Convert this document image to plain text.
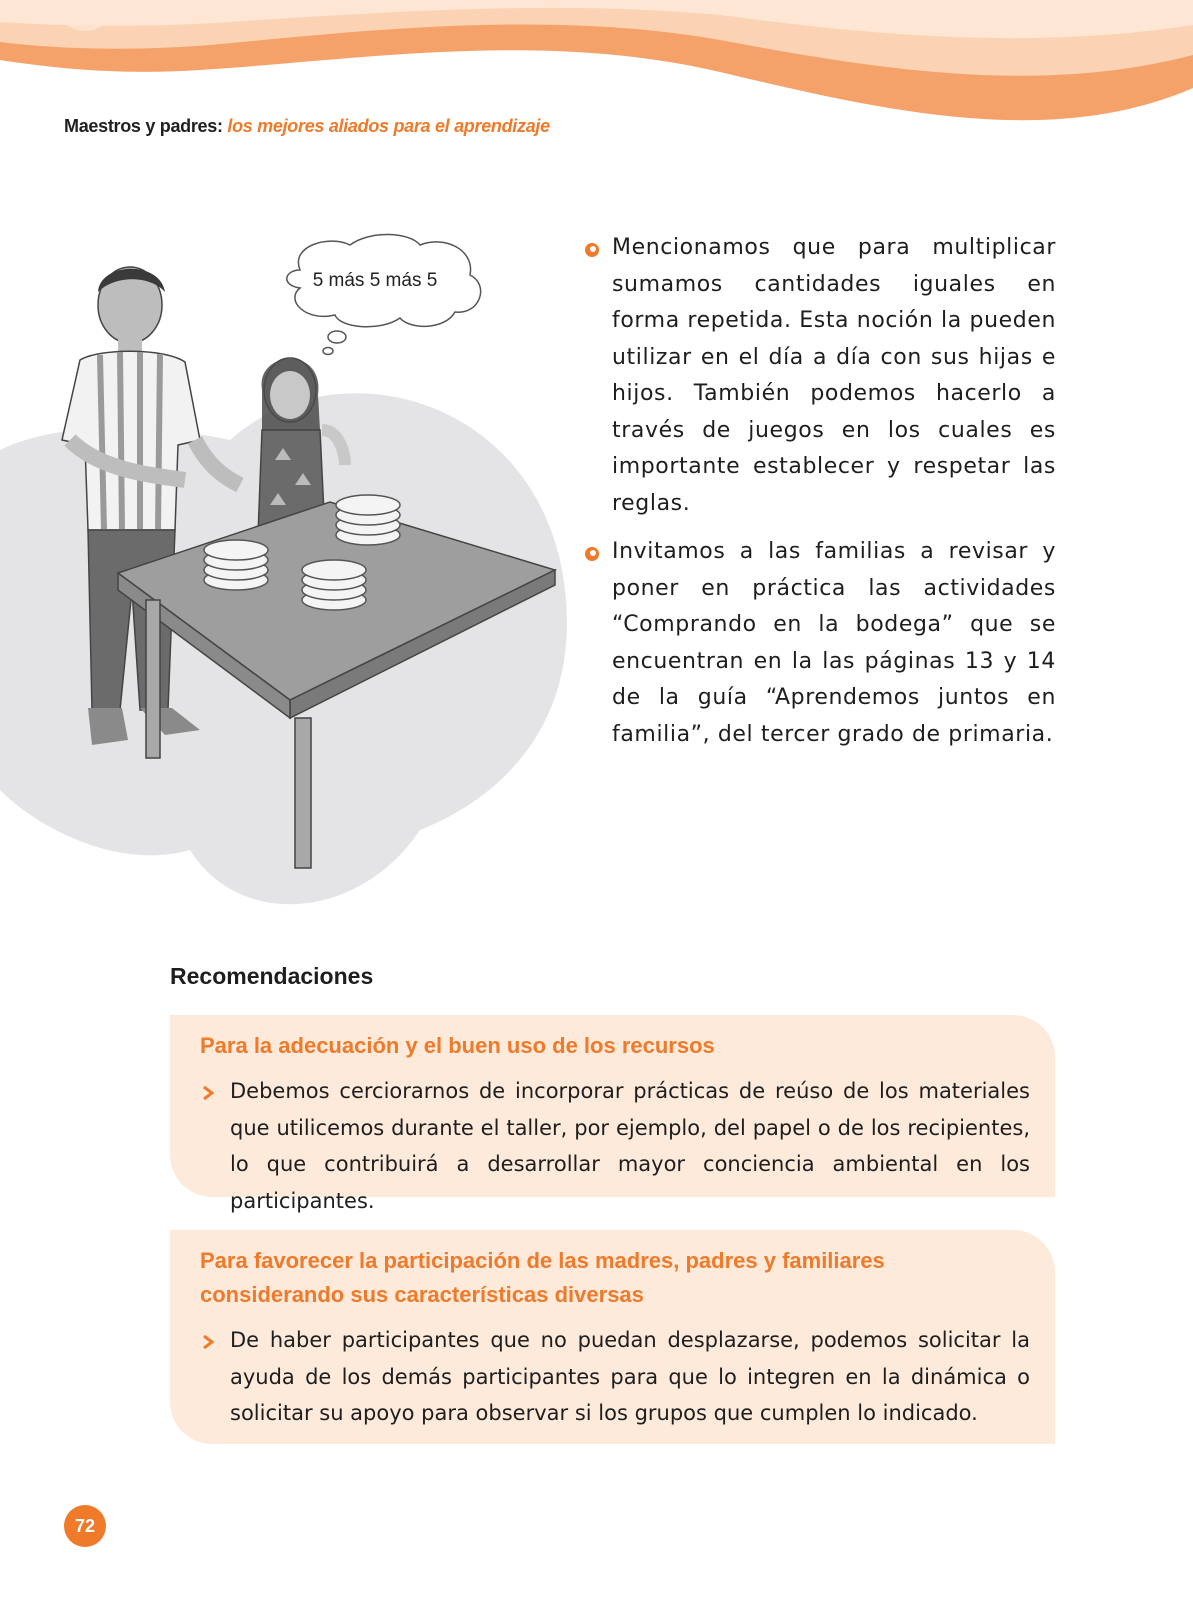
Maestros y padres: los mejores aliados para el aprendizaje
5 más 5 más 5
Mencionamos que para multiplicar sumamos cantidades iguales en forma repetida. Esta noción la pueden utilizar en el día a día con sus hijas e hijos. También podemos hacerlo a través de juegos en los cuales es importante establecer y respetar las reglas.
Invitamos a las familias a revisar y poner en práctica las actividades “Comprando en la bodega” que se encuentran en la las páginas 13 y 14 de la guía “Aprendemos juntos en familia”, del tercer grado de primaria.
Recomendaciones
Para la adecuación y el buen uso de los recursos
Debemos cerciorarnos de incorporar prácticas de reúso de los materiales que utilicemos durante el taller, por ejemplo, del papel o de los recipientes, lo que contribuirá a desarrollar mayor conciencia ambiental en los participantes.
Para favorecer la participación de las madres, padres y familiares considerando sus características diversas
De haber participantes que no puedan desplazarse, podemos solicitar la ayuda de los demás participantes para que lo integren en la dinámica o solicitar su apoyo para observar si los grupos que cumplen lo indicado.
72
